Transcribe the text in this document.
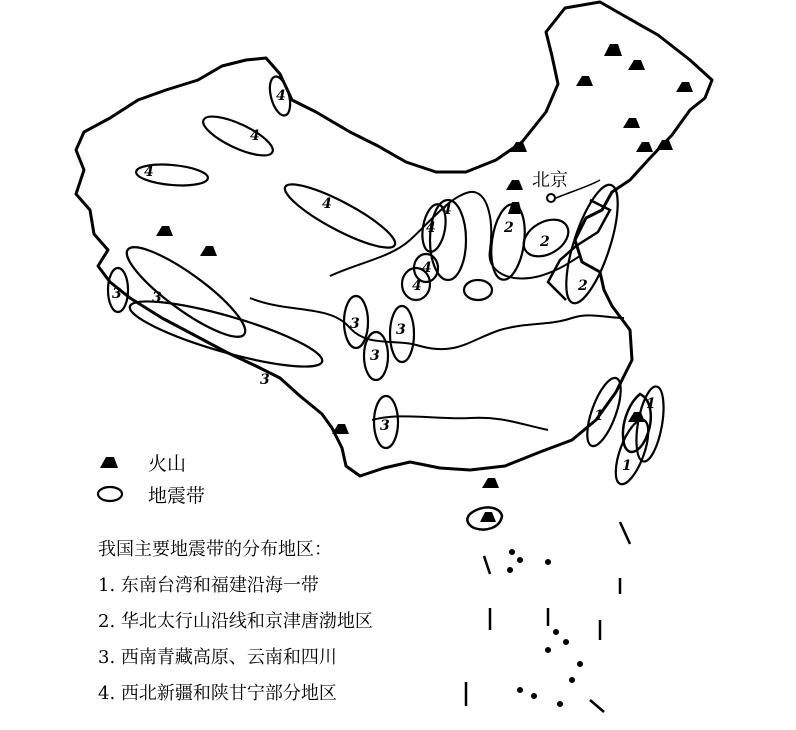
北京
4
4
4
4
4
4
4
4
2
2
2
3 3
3
3	3
3
3
1
1
1
火山
地震带
我国主要地震带的分布地区：
1. 东南台湾和福建沿海一带
2. 华北太行山沿线和京津唐渤地区
3. 西南青藏高原、云南和四川
4. 西北新疆和陕甘宁部分地区
